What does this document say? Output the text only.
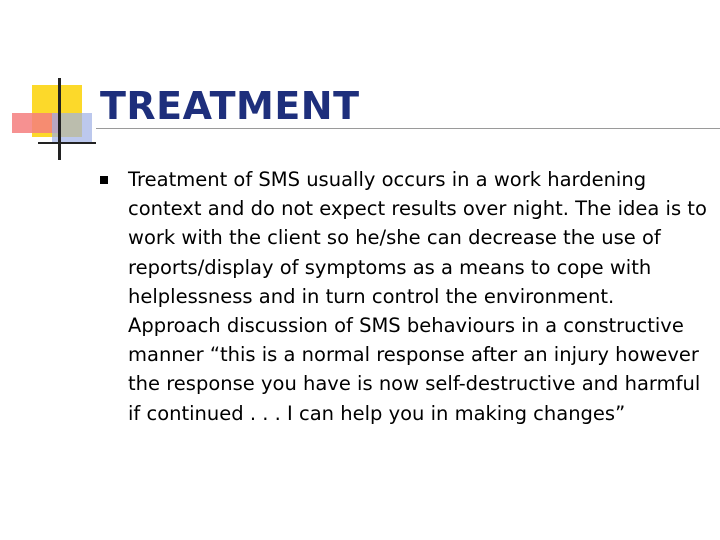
TREATMENT

Treatment of SMS usually occurs in a work hardening context and do not expect results over night. The idea is to work with the client so he/she can decrease the use of reports/display of symptoms as a means to cope with helplessness and in turn control the environment. Approach discussion of SMS behaviours in a constructive manner “this is a normal response after an injury however the response you have is now self-destructive and harmful if continued . . . I can help you in making changes”
